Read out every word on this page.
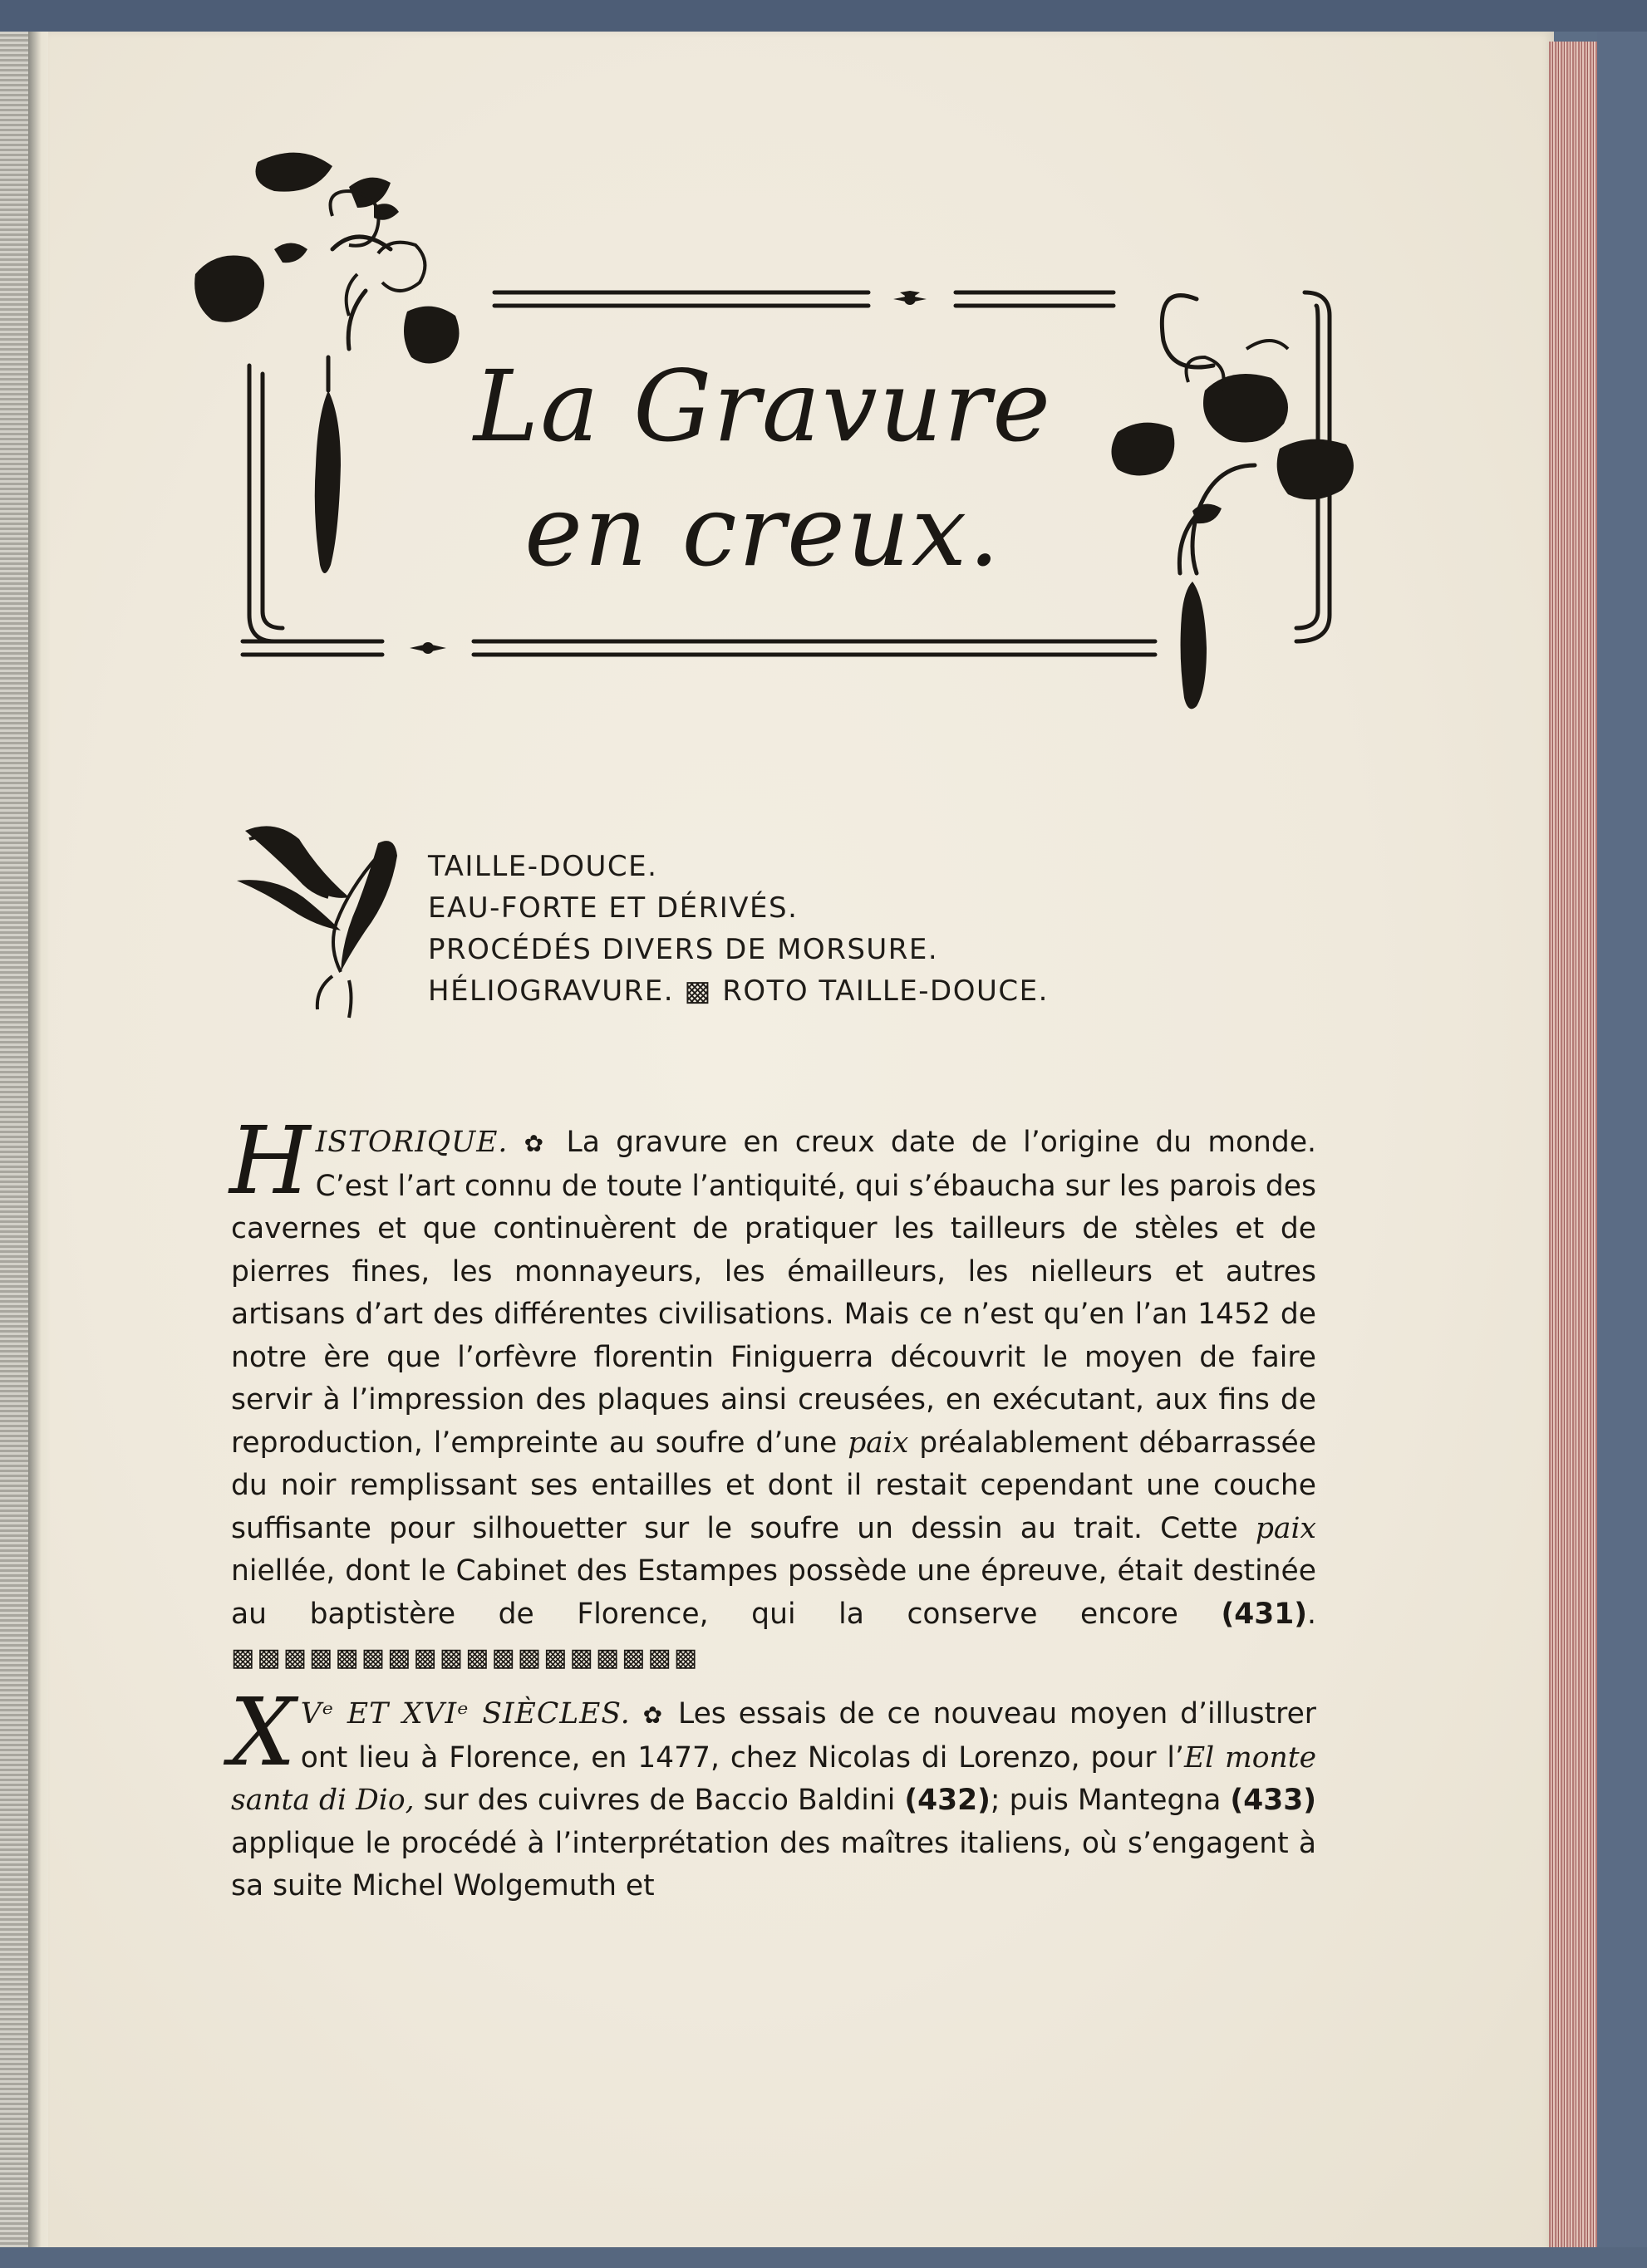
La Gravure
en creux.
TAILLE-DOUCE.
EAU-FORTE ET DÉRIVÉS.
PROCÉDÉS DIVERS DE MORSURE.
HÉLIOGRAVURE. ▩ ROTO TAILLE-DOUCE.
H ISTORIQUE. ✿ La gravure en creux date de l’origine du monde. C’est l’art connu de toute l’antiquité, qui s’ébaucha sur les parois des cavernes et que continuèrent de pratiquer les tailleurs de stèles et de pierres fines, les monnayeurs, les émailleurs, les nielleurs et autres artisans d’art des différentes civilisations. Mais ce n’est qu’en l’an 1452 de notre ère que l’orfèvre florentin Finiguerra découvrit le moyen de faire servir à l’impression des plaques ainsi creusées, en exécutant, aux fins de reproduction, l’empreinte au soufre d’une paix préalablement débarrassée du noir remplissant ses entailles et dont il restait cependant une couche suffisante pour silhouetter sur le soufre un dessin au trait. Cette paix niellée, dont le Cabinet des Estampes possède une épreuve, était destinée au baptistère de Florence, qui la conserve encore (431). ▩▩▩▩▩▩▩▩▩▩▩▩▩▩▩▩▩▩
X Vᵉ ET XVIᵉ SIÈCLES. ✿ Les essais de ce nouveau moyen d’illustrer ont lieu à Florence, en 1477, chez Nicolas di Lorenzo, pour l’El monte santa di Dio, sur des cuivres de Baccio Baldini (432); puis Mantegna (433) applique le procédé à l’interprétation des maîtres italiens, où s’engagent à sa suite Michel Wolgemuth et
